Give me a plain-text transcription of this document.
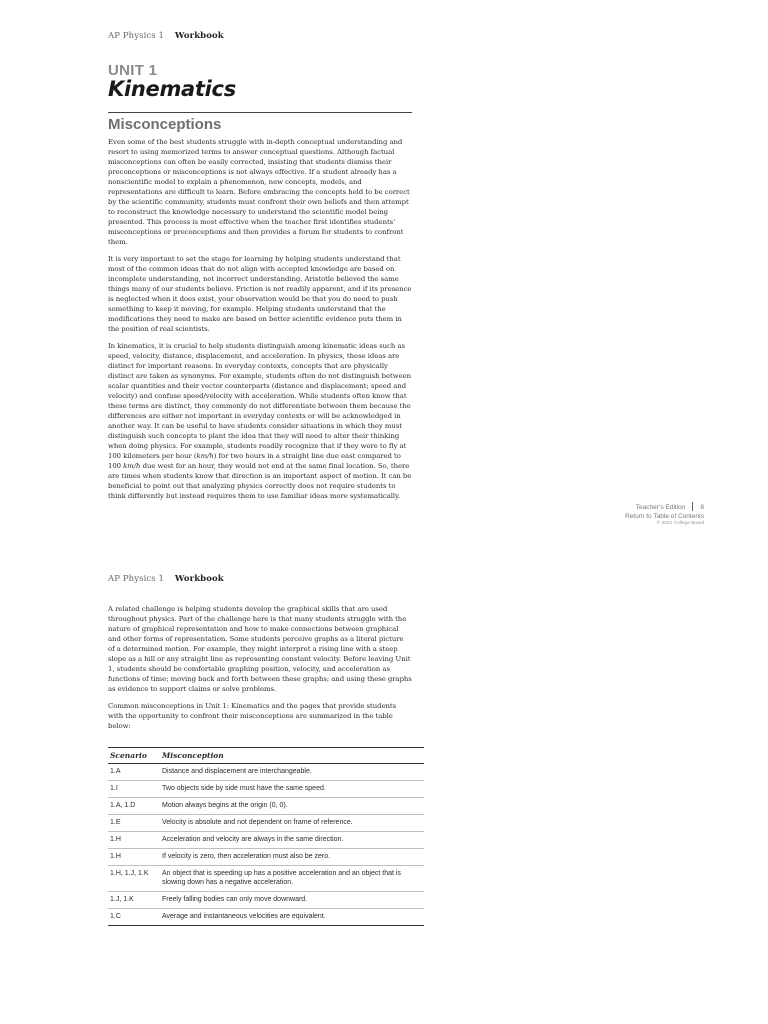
AP Physics 1 Workbook
UNIT 1
Kinematics
Misconceptions

Even some of the best students struggle with in-depth conceptual understanding and resort to using memorized terms to answer conceptual questions. Although factual misconceptions can often be easily corrected, insisting that students dismiss their preconceptions or misconceptions is not always effective. If a student already has a nonscientific model to explain a phenomenon, new concepts, models, and representations are difficult to learn. Before embracing the concepts held to be correct by the scientific community, students must confront their own beliefs and then attempt to reconstruct the knowledge necessary to understand the scientific model being presented. This process is most effective when the teacher first identifies students’ misconceptions or preconceptions and then provides a forum for students to confront them.

It is very important to set the stage for learning by helping students understand that most of the common ideas that do not align with accepted knowledge are based on incomplete understanding, not incorrect understanding. Aristotle believed the same things many of our students believe. Friction is not readily apparent, and if its presence is neglected when it does exist, your observation would be that you do need to push something to keep it moving, for example. Helping students understand that the modifications they need to make are based on better scientific evidence puts them in the position of real scientists.

In kinematics, it is crucial to help students distinguish among kinematic ideas such as speed, velocity, distance, displacement, and acceleration. In physics, these ideas are distinct for important reasons. In everyday contexts, concepts that are physically distinct are taken as synonyms. For example, students often do not distinguish between scalar quantities and their vector counterparts (distance and displacement; speed and velocity) and confuse speed/velocity with acceleration. While students often know that these terms are distinct, they commonly do not differentiate between them because the differences are either not important in everyday contexts or will be acknowledged in another way. It can be useful to have students consider situations in which they must distinguish such concepts to plant the idea that they will need to alter their thinking when doing physics. For example, students readily recognize that if they were to fly at 100 kilometers per hour (km/h) for two hours in a straight line due east compared to 100 km/h due west for an hour, they would not end at the same final location. So, there are times when students know that direction is an important aspect of motion. It can be beneficial to point out that analyzing physics correctly does not require students to think differently but instead requires them to use familiar ideas more systematically.

Teacher’s Edition 8
Return to Table of Contents
© 2021 College Board
AP Physics 1 Workbook

A related challenge is helping students develop the graphical skills that are used throughout physics. Part of the challenge here is that many students struggle with the nature of graphical representation and how to make connections between graphical and other forms of representation. Some students perceive graphs as a literal picture of a determined motion. For example, they might interpret a rising line with a steep slope as a hill or any straight line as representing constant velocity. Before leaving Unit 1, students should be comfortable graphing position, velocity, and acceleration as functions of time; moving back and forth between these graphs; and using these graphs as evidence to support claims or solve problems.

Common misconceptions in Unit 1: Kinematics and the pages that provide students with the opportunity to confront their misconceptions are summarized in the table below:

Scenario	Misconception
1.A	Distance and displacement are interchangeable.
1.I	Two objects side by side must have the same speed.
1.A, 1.D	Motion always begins at the origin (0, 0).
1.E	Velocity is absolute and not dependent on frame of reference.
1.H	Acceleration and velocity are always in the same direction.
1.H	If velocity is zero, then acceleration must also be zero.
1.H, 1.J, 1.K	An object that is speeding up has a positive acceleration and an object that is slowing down has a negative acceleration.
1.J, 1.K	Freely falling bodies can only move downward.
1.C	Average and instantaneous velocities are equivalent.
